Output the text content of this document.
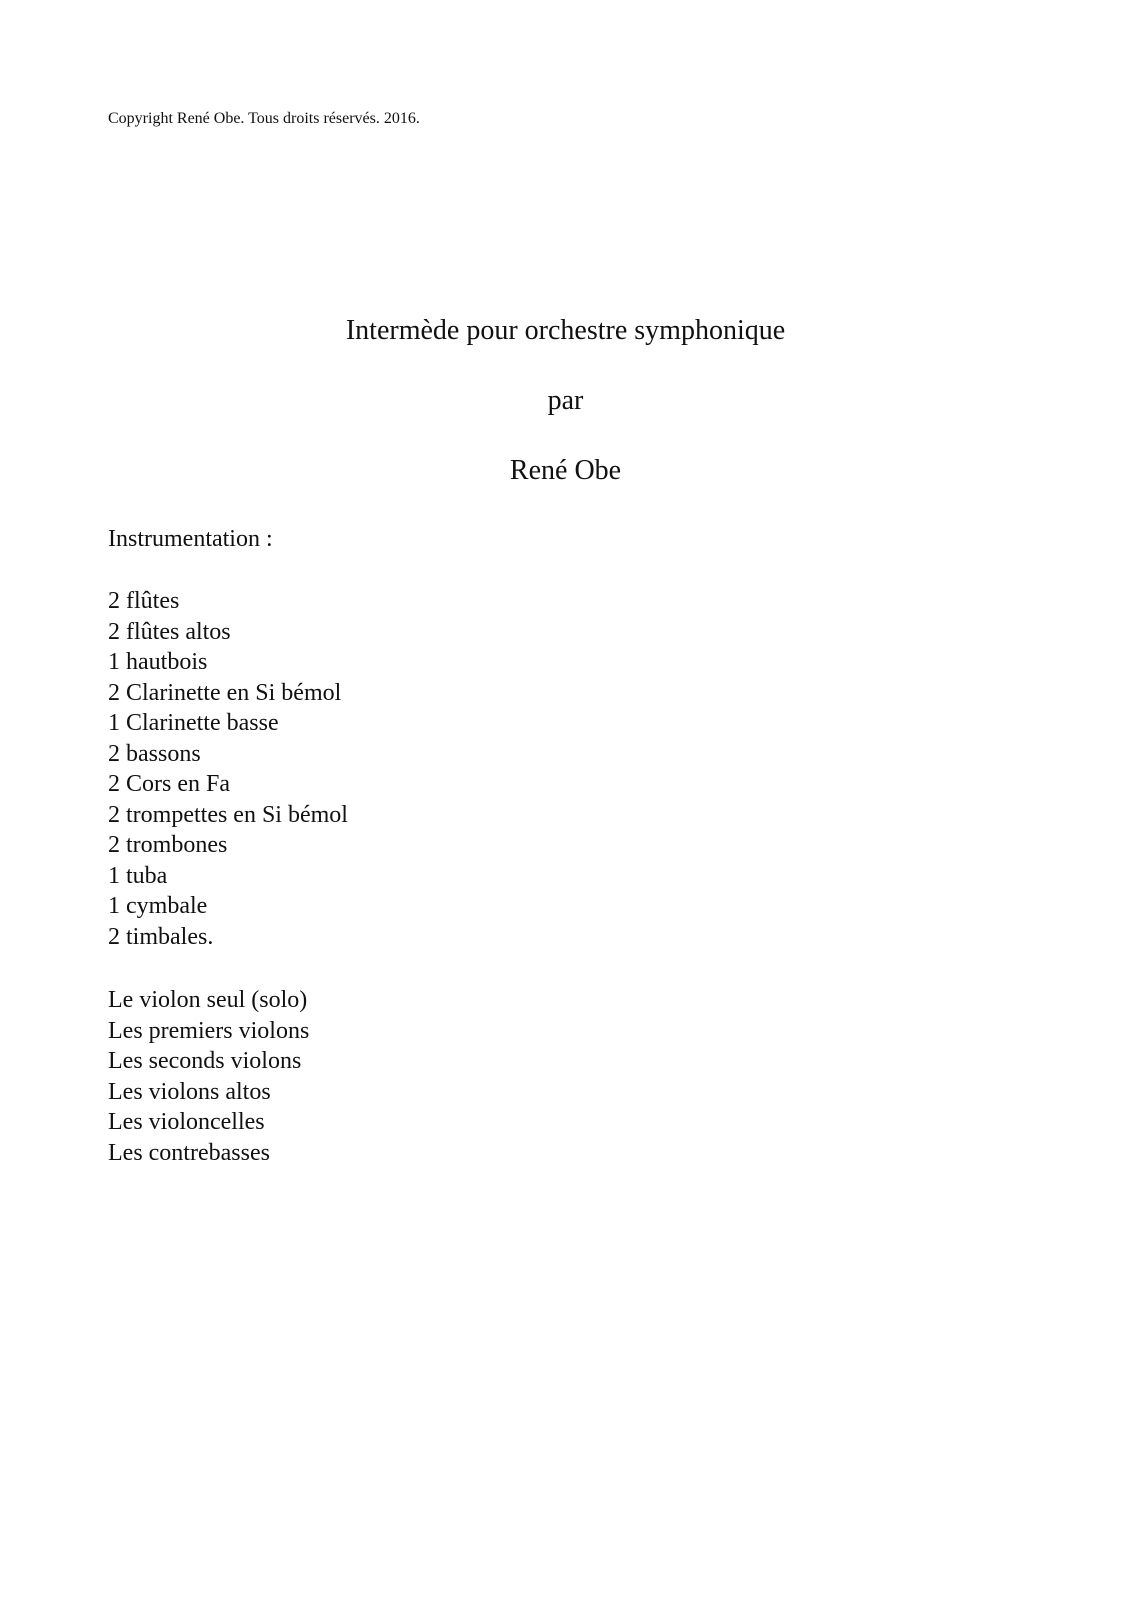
Copyright René Obe. Tous droits réservés. 2016.
Intermède pour orchestre symphonique
par
René Obe
Instrumentation :
2 flûtes
2 flûtes altos
1 hautbois
2 Clarinette en Si bémol
1 Clarinette basse
2 bassons
2 Cors en Fa
2 trompettes en Si bémol
2 trombones
1 tuba
1 cymbale
2 timbales.
Le violon seul (solo)
Les premiers violons
Les seconds violons
Les violons altos
Les violoncelles
Les contrebasses
